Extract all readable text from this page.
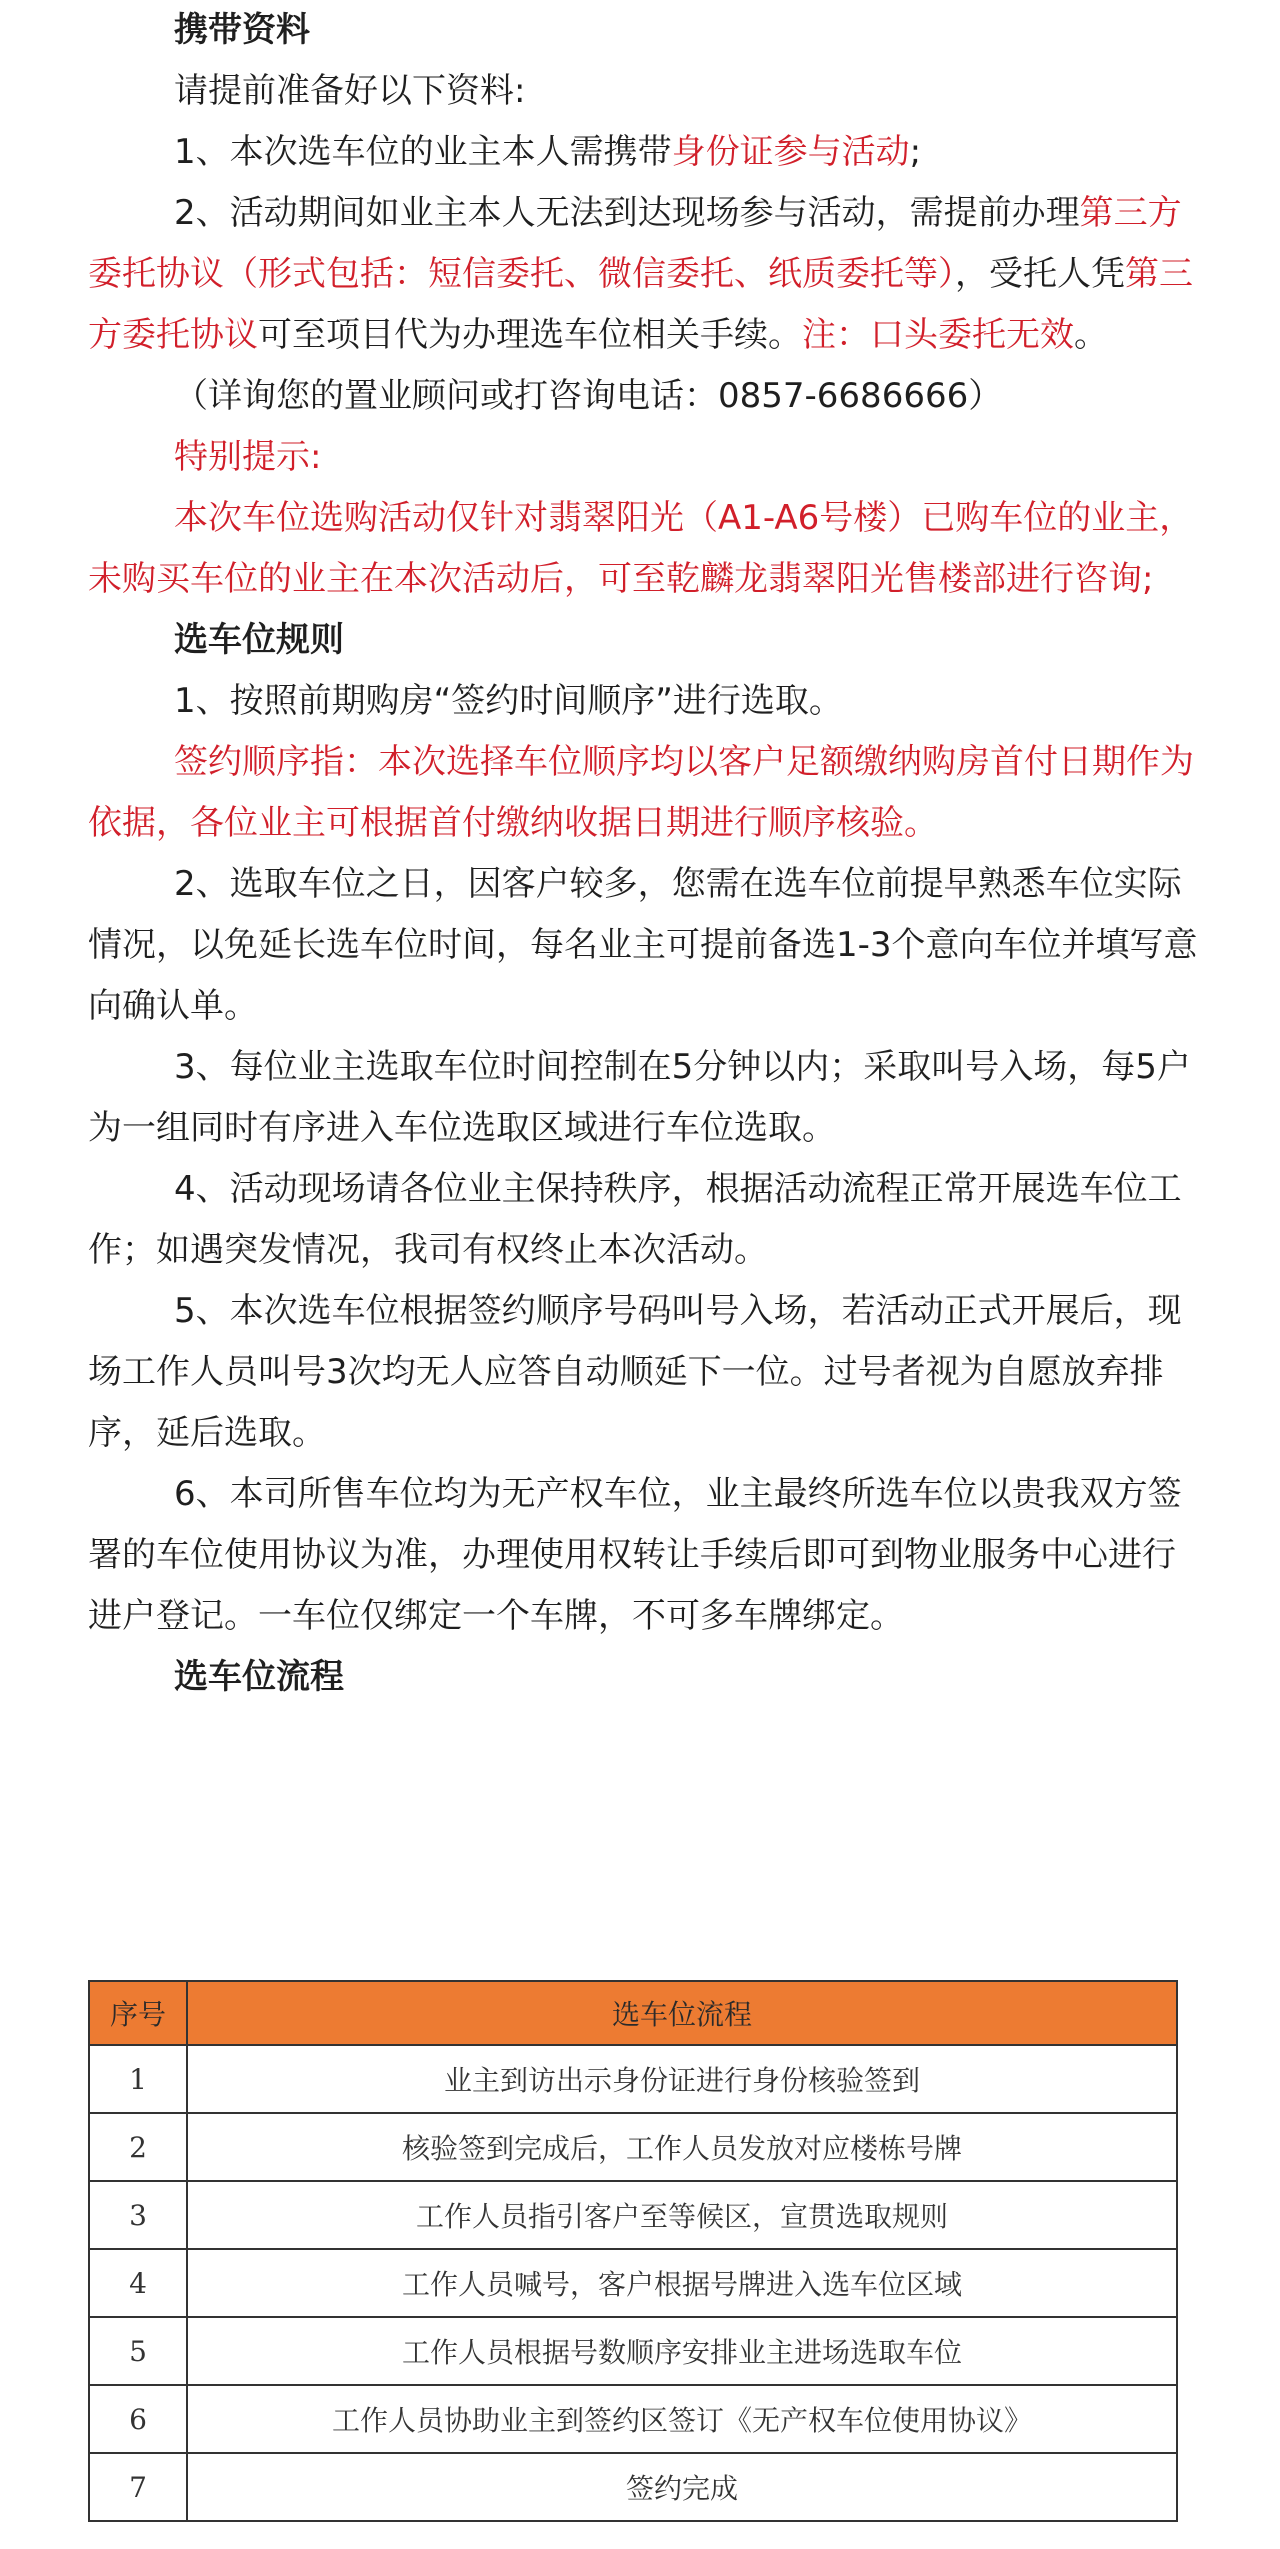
携带资料

请提前准备好以下资料:

1、本次选车位的业主本人需携带身份证参与活动;

2、活动期间如业主本人无法到达现场参与活动，需提前办理第三方委托协议（形式包括：短信委托、微信委托、纸质委托等），受托人凭第三方委托协议可至项目代为办理选车位相关手续。注：口头委托无效。

（详询您的置业顾问或打咨询电话：0857-6686666）

特别提示:

本次车位选购活动仅针对翡翠阳光（A1-A6号楼）已购车位的业主，未购买车位的业主在本次活动后，可至乾麟龙翡翠阳光售楼部进行咨询;

选车位规则

1、按照前期购房“签约时间顺序”进行选取。

签约顺序指：本次选择车位顺序均以客户足额缴纳购房首付日期作为依据，各位业主可根据首付缴纳收据日期进行顺序核验。

2、选取车位之日，因客户较多，您需在选车位前提早熟悉车位实际情况，以免延长选车位时间，每名业主可提前备选1-3个意向车位并填写意向确认单。

3、每位业主选取车位时间控制在5分钟以内；采取叫号入场，每5户为一组同时有序进入车位选取区域进行车位选取。

4、活动现场请各位业主保持秩序，根据活动流程正常开展选车位工作；如遇突发情况，我司有权终止本次活动。

5、本次选车位根据签约顺序号码叫号入场，若活动正式开展后，现场工作人员叫号3次均无人应答自动顺延下一位。过号者视为自愿放弃排序，延后选取。

6、本司所售车位均为无产权车位，业主最终所选车位以贵我双方签署的车位使用协议为准，办理使用权转让手续后即可到物业服务中心进行进户登记。一车位仅绑定一个车牌，不可多车牌绑定。

选车位流程

序号	选车位流程
1	业主到访出示身份证进行身份核验签到
2	核验签到完成后，工作人员发放对应楼栋号牌
3	工作人员指引客户至等候区，宣贯选取规则
4	工作人员喊号，客户根据号牌进入选车位区域
5	工作人员根据号数顺序安排业主进场选取车位
6	工作人员协助业主到签约区签订《无产权车位使用协议》
7	签约完成
